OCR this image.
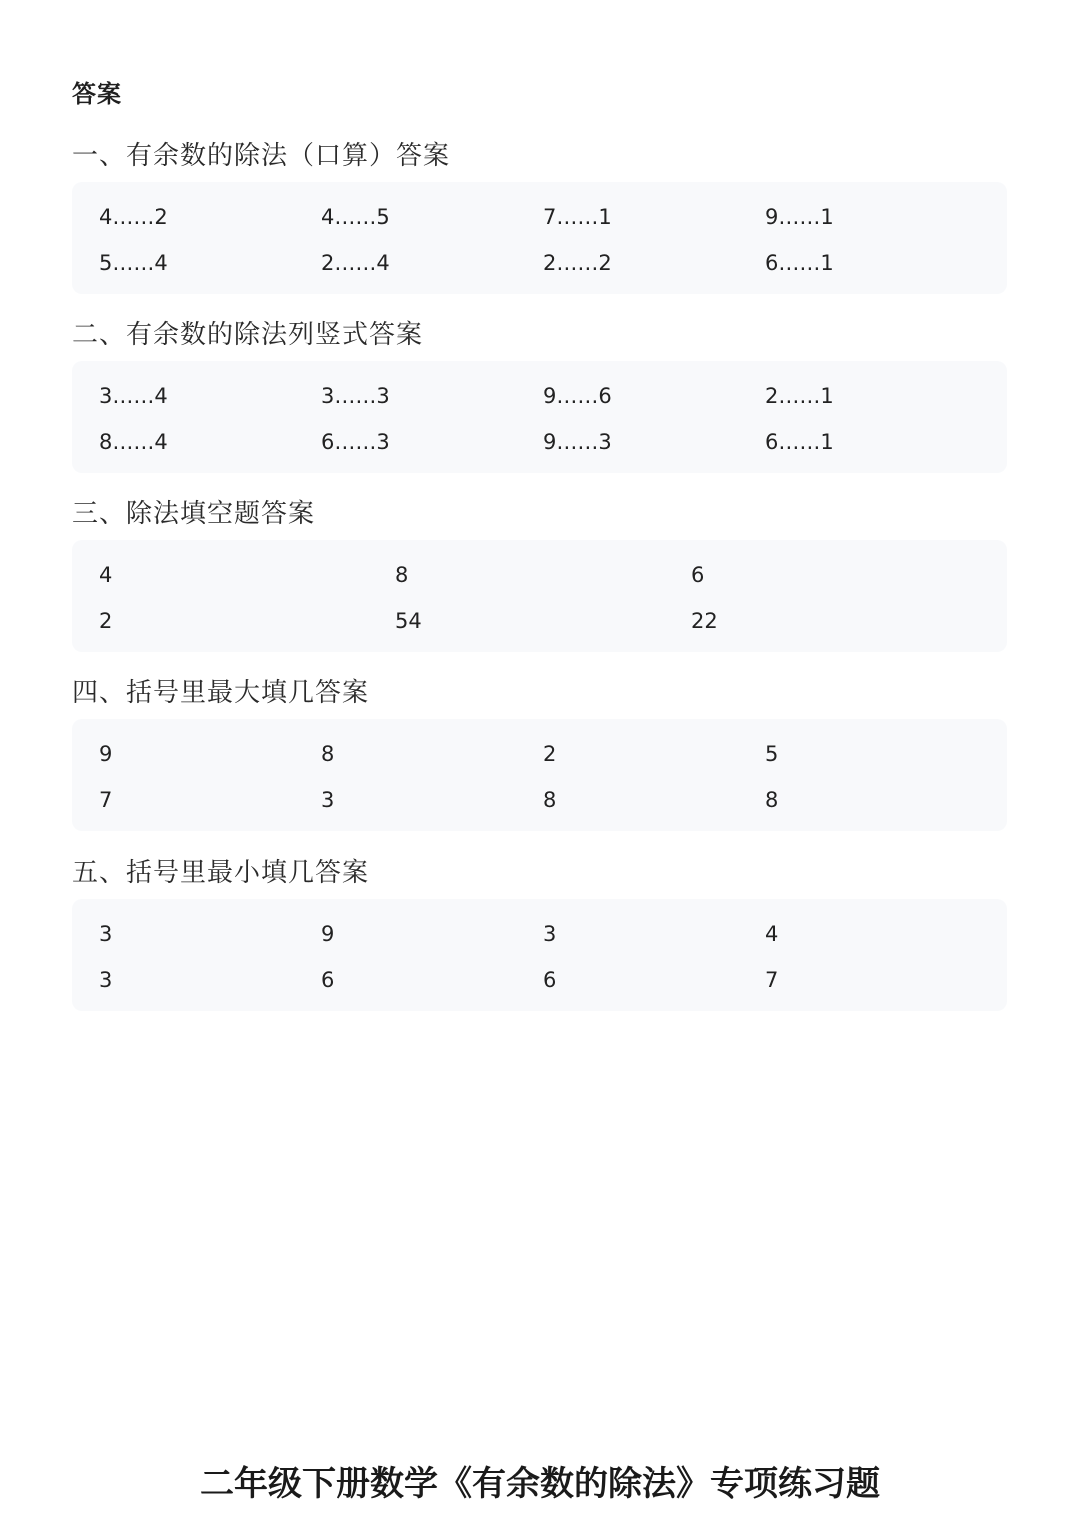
答案
一、有余数的除法（口算）答案
4……2	4……5	7……1	9……1
5……4	2……4	2……2	6……1
二、有余数的除法列竖式答案
3……4	3……3	9……6	2……1
8……4	6……3	9……3	6……1
三、除法填空题答案
4	8	6
2	54	22
四、括号里最大填几答案
9	8	2	5
7	3	8	8
五、括号里最小填几答案
3	9	3	4
3	6	6	7
二年级下册数学《有余数的除法》专项练习题
